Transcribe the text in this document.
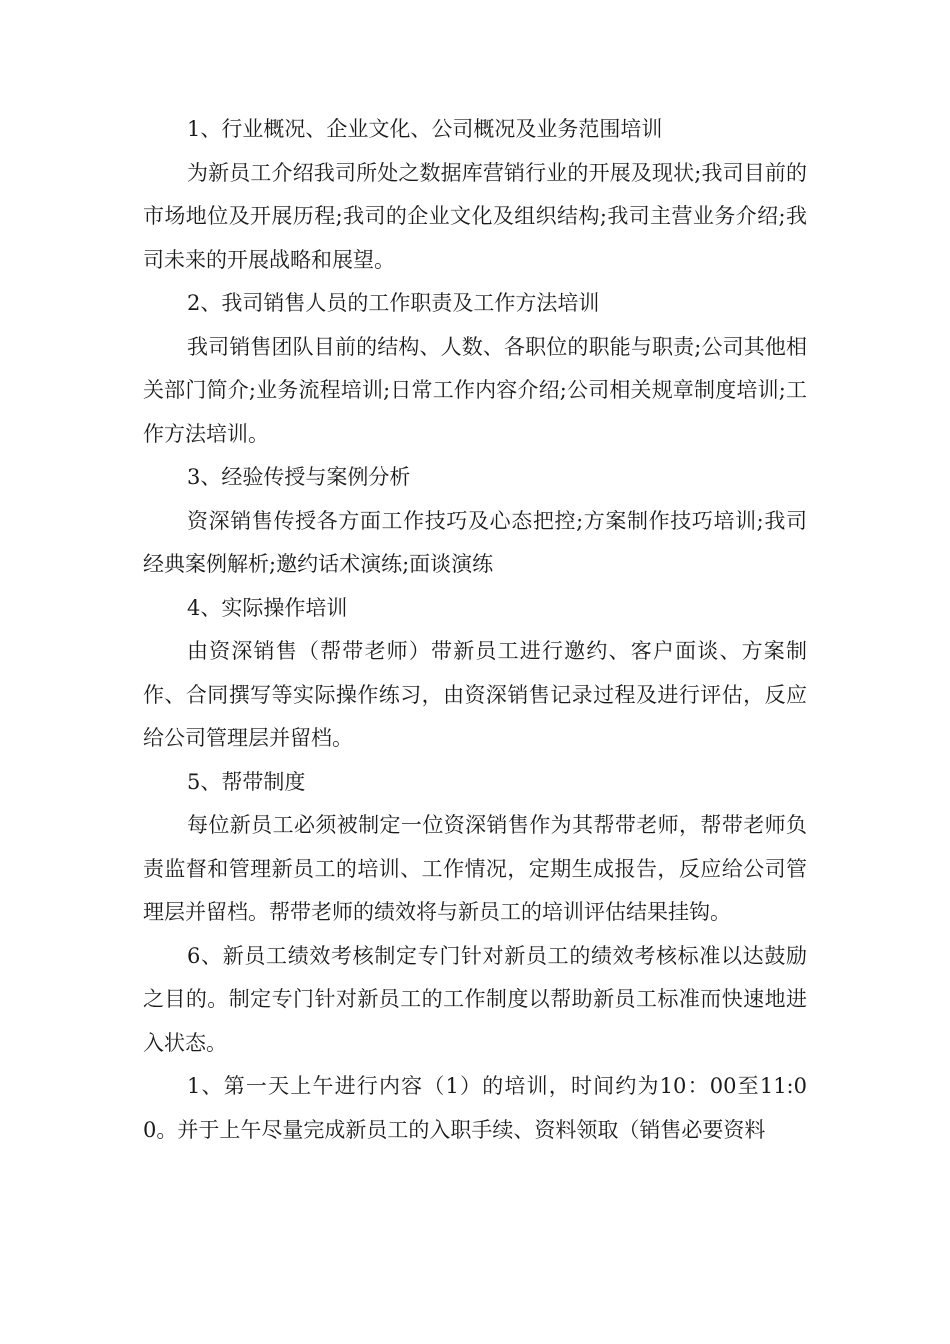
1、行业概况、企业文化、公司概况及业务范围培训

为新员工介绍我司所处之数据库营销行业的开展及现状;我司目前的市场地位及开展历程;我司的企业文化及组织结构;我司主营业务介绍;我司未来的开展战略和展望。

2、我司销售人员的工作职责及工作方法培训

我司销售团队目前的结构、人数、各职位的职能与职责;公司其他相关部门简介;业务流程培训;日常工作内容介绍;公司相关规章制度培训;工作方法培训。

3、经验传授与案例分析

资深销售传授各方面工作技巧及心态把控;方案制作技巧培训;我司经典案例解析;邀约话术演练;面谈演练

4、实际操作培训

由资深销售（帮带老师）带新员工进行邀约、客户面谈、方案制作、合同撰写等实际操作练习，由资深销售记录过程及进行评估，反应给公司管理层并留档。

5、帮带制度

每位新员工必须被制定一位资深销售作为其帮带老师，帮带老师负责监督和管理新员工的培训、工作情况，定期生成报告，反应给公司管理层并留档。帮带老师的绩效将与新员工的培训评估结果挂钩。

6、新员工绩效考核制定专门针对新员工的绩效考核标准以达鼓励之目的。制定专门针对新员工的工作制度以帮助新员工标准而快速地进入状态。

1、第一天上午进行内容（1）的培训，时间约为10：00至11:00。并于上午尽量完成新员工的入职手续、资料领取（销售必要资料
